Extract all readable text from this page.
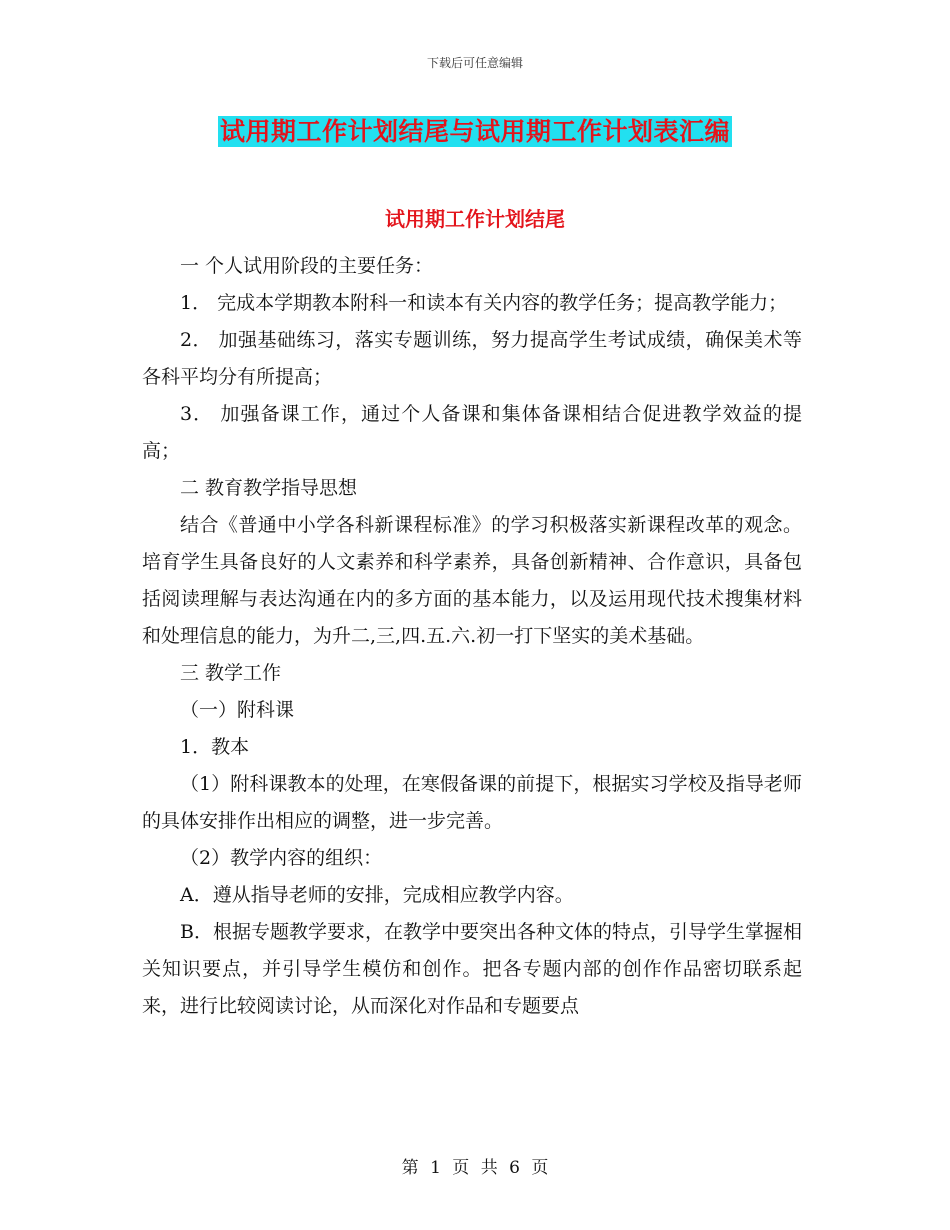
下载后可任意编辑
试用期工作计划结尾与试用期工作计划表汇编
试用期工作计划结尾

一 个人试用阶段的主要任务：

1． 完成本学期教本附科一和读本有关内容的教学任务；提高教学能力；

2． 加强基础练习，落实专题训练，努力提高学生考试成绩，确保美术等各科平均分有所提高；

3． 加强备课工作，通过个人备课和集体备课相结合促进教学效益的提高；

二 教育教学指导思想

结合《普通中小学各科新课程标准》的学习积极落实新课程改革的观念。培育学生具备良好的人文素养和科学素养，具备创新精神、合作意识，具备包括阅读理解与表达沟通在内的多方面的基本能力，以及运用现代技术搜集材料和处理信息的能力，为升二,三,四.五.六.初一打下坚实的美术基础。

三 教学工作

（一）附科课

1．教本

（1）附科课教本的处理，在寒假备课的前提下，根据实习学校及指导老师的具体安排作出相应的调整，进一步完善。

（2）教学内容的组织：

A．遵从指导老师的安排，完成相应教学内容。

B．根据专题教学要求，在教学中要突出各种文体的特点，引导学生掌握相关知识要点，并引导学生模仿和创作。把各专题内部的创作作品密切联系起来，进行比较阅读讨论，从而深化对作品和专题要点

第 1 页 共 6 页
